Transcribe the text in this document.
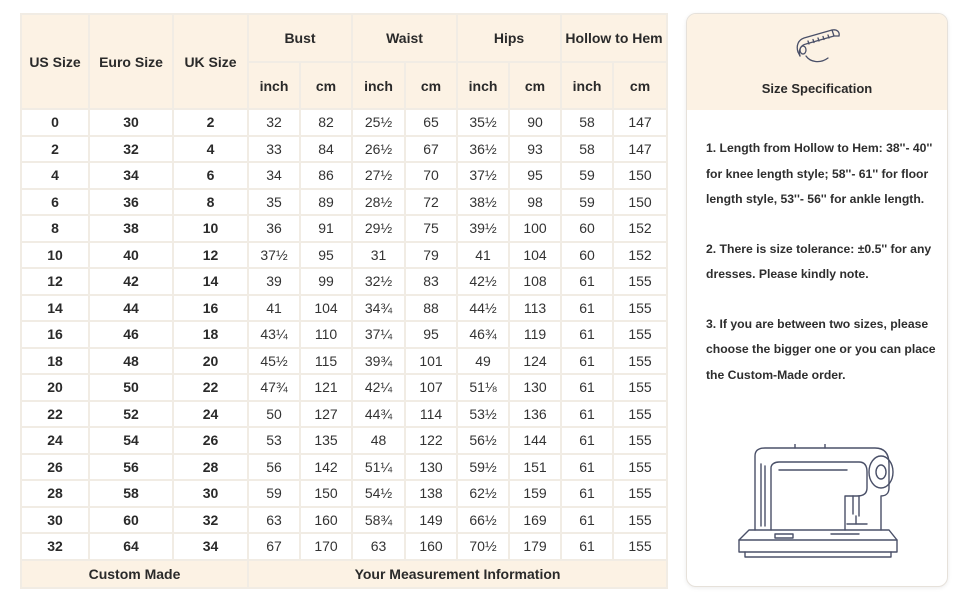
US Size	Euro Size	UK Size	Bust		Waist		Hips		Hollow to Hem	
			inch	cm	inch	cm	inch	cm	inch	cm
0	30	2	32	82	25½	65	35½	90	58	147
2	32	4	33	84	26½	67	36½	93	58	147
4	34	6	34	86	27½	70	37½	95	59	150
6	36	8	35	89	28½	72	38½	98	59	150
8	38	10	36	91	29½	75	39½	100	60	152
10	40	12	37½	95	31	79	41	104	60	152
12	42	14	39	99	32½	83	42½	108	61	155
14	44	16	41	104	34¾	88	44½	113	61	155
16	46	18	43¼	110	37¼	95	46¾	119	61	155
18	48	20	45½	115	39¾	101	49	124	61	155
20	50	22	47¾	121	42¼	107	51⅛	130	61	155
22	52	24	50	127	44¾	114	53½	136	61	155
24	54	26	53	135	48	122	56½	144	61	155
26	56	28	56	142	51¼	130	59½	151	61	155
28	58	30	59	150	54½	138	62½	159	61	155
30	60	32	63	160	58¾	149	66½	169	61	155
32	64	34	67	170	63	160	70½	179	61	155
Custom Made			Your Measurement Information							
Size Specification

1. Length from Hollow to Hem: 38''- 40'' for knee length style; 58''- 61'' for floor length style, 53''- 56'' for ankle length.

2. There is size tolerance: ±0.5'' for any dresses. Please kindly note.

3. If you are between two sizes, please choose the bigger one or you can place the Custom-Made order.
